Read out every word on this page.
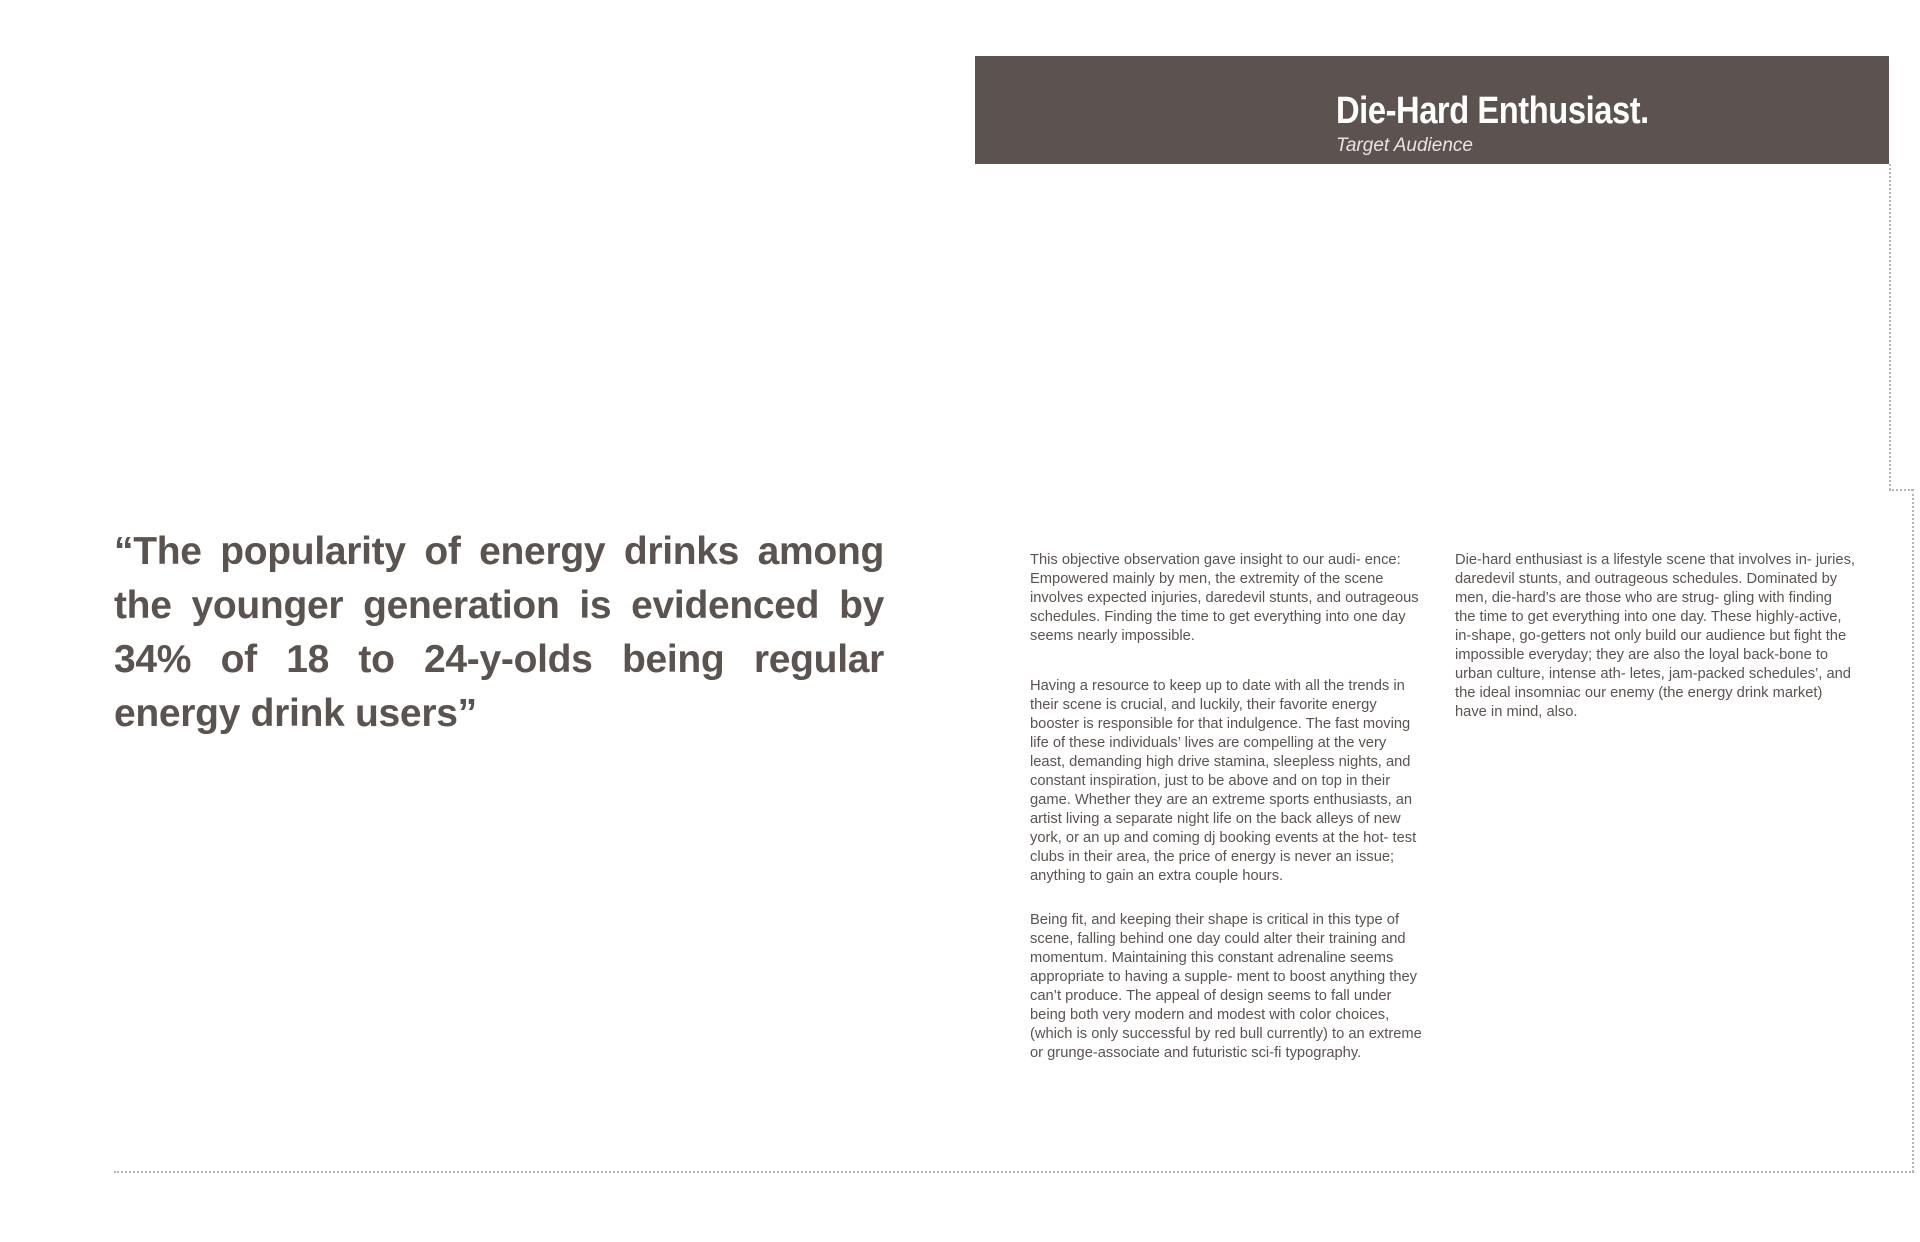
Die-Hard Enthusiast.
Target Audience
“The popularity of energy drinks among the younger generation is evidenced by 34% of 18 to 24-y-olds being regular energy drink users”

This objective observation gave insight to our audi- ence: Empowered mainly by men, the extremity of the scene involves expected injuries, daredevil stunts, and outrageous schedules. Finding the time to get everything into one day seems nearly impossible.

Having a resource to keep up to date with all the trends in their scene is crucial, and luckily, their favorite energy booster is responsible for that indulgence. The fast moving life of these individuals’ lives are compelling at the very least, demanding high drive stamina, sleepless nights, and constant inspiration, just to be above and on top in their game. Whether they are an extreme sports enthusiasts, an artist living a separate night life on the back alleys of new york, or an up and coming dj booking events at the hot- test clubs in their area, the price of energy is never an issue; anything to gain an extra couple hours.

Being fit, and keeping their shape is critical in this type of scene, falling behind one day could alter their training and momentum. Maintaining this constant adrenaline seems appropriate to having a supple- ment to boost anything they can’t produce. The appeal of design seems to fall under being both very modern and modest with color choices, (which is only successful by red bull currently) to an extreme or grunge-associate and futuristic sci-fi typography.

Die-hard enthusiast is a lifestyle scene that involves in- juries, daredevil stunts, and outrageous schedules. Dominated by men, die-hard’s are those who are strug- gling with finding the time to get everything into one day. These highly-active, in-shape, go-getters not only build our audience but fight the impossible everyday; they are also the loyal back-bone to urban culture, intense ath- letes, jam-packed schedules’, and the ideal insomniac our enemy (the energy drink market) have in mind, also.
